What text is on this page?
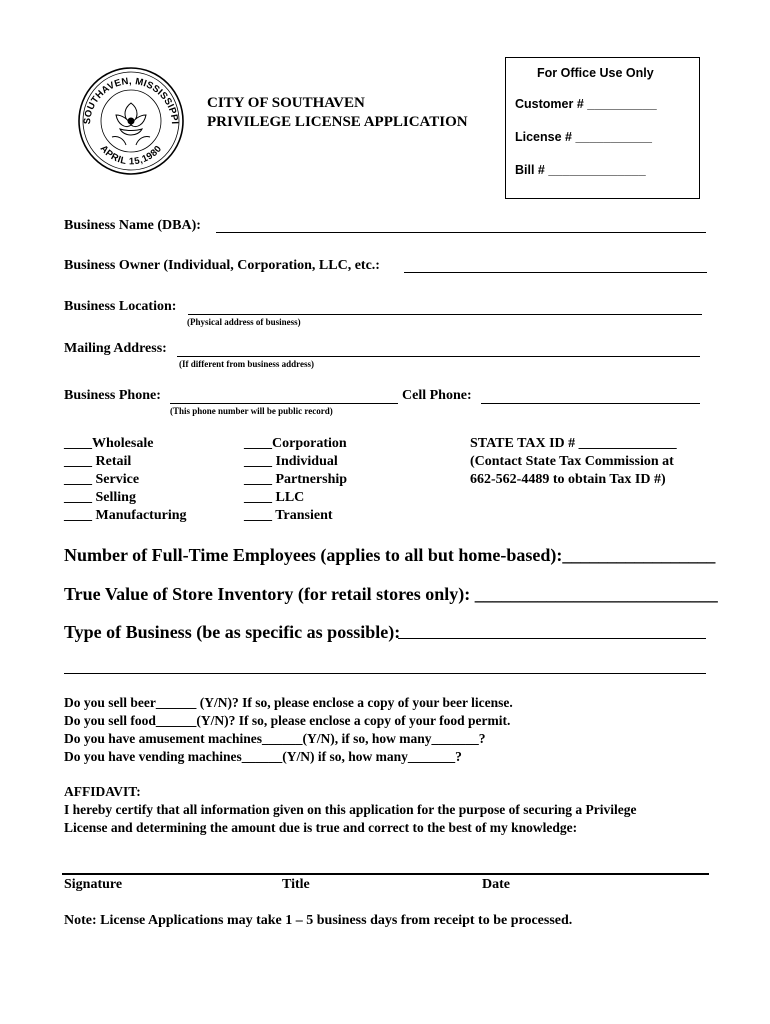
For Office Use Only
Customer # __________
License # ___________
Bill # ______________
SOUTHAVEN, MISSISSIPPI
APRIL 15,1980
CITY OF SOUTHAVEN
PRIVILEGE LICENSE APPLICATION
Business Name (DBA):
Business Owner (Individual, Corporation, LLC, etc.:
Business Location:
(Physical address of business)
Mailing Address:
(If different from business address)
Business Phone:
(This phone number will be public record)
Cell Phone:
____Wholesale
____ Retail
____ Service
____ Selling
____ Manufacturing
____Corporation
____ Individual
____ Partnership
____ LLC
____ Transient
STATE TAX ID # ______________
(Contact State Tax Commission at
662-562-4489 to obtain Tax ID #)
Number of Full-Time Employees (applies to all but home-based):_________________
True Value of Store Inventory (for retail stores only): ___________________________
Type of Business (be as specific as possible):
Do you sell beer______ (Y/N)? If so, please enclose a copy of your beer license.
Do you sell food______(Y/N)? If so, please enclose a copy of your food permit.
Do you have amusement machines______(Y/N), if so, how many_______?
Do you have vending machines______(Y/N) if so, how many_______?
AFFIDAVIT:
I hereby certify that all information given on this application for the purpose of securing a Privilege
License and determining the amount due is true and correct to the best of my knowledge:
Signature	Title	Date
Note: License Applications may take 1 – 5 business days from receipt to be processed.
